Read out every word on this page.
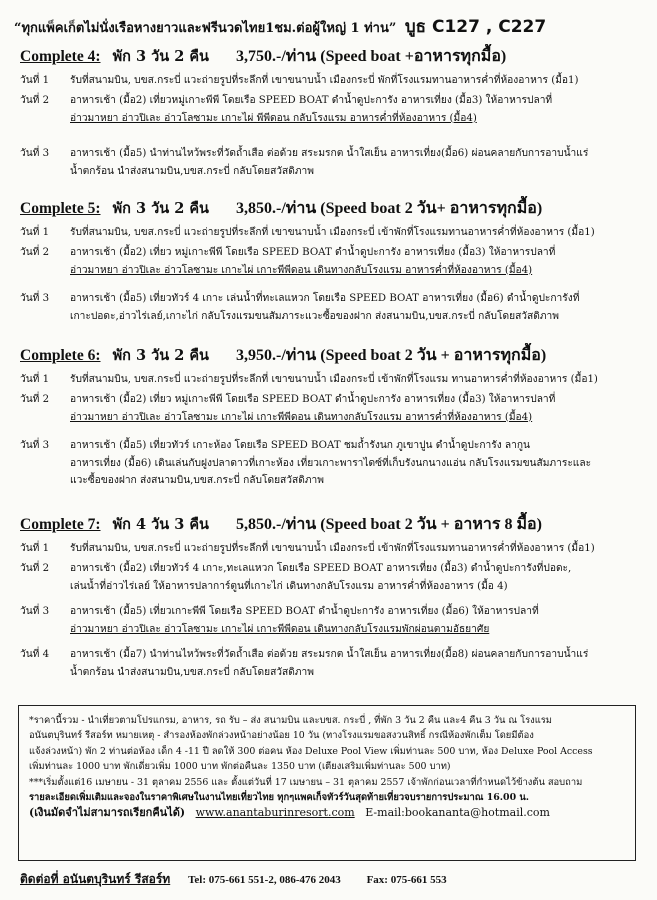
“ทุกแพ็คเก็ตไม่นั่งเรือหางยาวและฟรีนวดไทย1ชม.ต่อผู้ใหญ่ 1 ท่าน” บูธ C127 , C227
Complete 4: พัก 3 วัน 2 คืน 3,750.-/ท่าน (Speed boat +อาหารทุกมื้อ)
วันที่ 1	รับที่สนามบิน, บขส.กระบี่ แวะถ่ายรูปที่ระลึกที่ เขาขนาบน้ำ เมืองกระบี่ พักที่โรงแรมทานอาหารค่ำที่ห้องอาหาร (มื้อ1)
วันที่ 2	อาหารเช้า (มื้อ2) เที่ยวหมู่เกาะพีพี โดยเรือ SPEED BOAT ดำน้ำดูปะการัง อาหารเที่ยง (มื้อ3) ให้อาหารปลาที่
อ่าวมาหยา อ่าวปิเละ อ่าวโลซามะ เกาะไผ่ พีพีดอน กลับโรงแรม อาหารค่ำที่ห้องอาหาร (มื้อ4)
วันที่ 3	อาหารเช้า (มื้อ5) นำท่านไหว้พระที่วัดถ้ำเสือ ต่อด้วย สระมรกต น้ำใสเย็น อาหารเที่ยง(มื้อ6) ผ่อนคลายกับการอาบน้ำแร่
น้ำตกร้อน นำส่งสนามบิน,บขส.กระบี่ กลับโดยสวัสดิภาพ
Complete 5: พัก 3 วัน 2 คืน 3,850.-/ท่าน (Speed boat 2 วัน+ อาหารทุกมื้อ)
วันที่ 1	รับที่สนามบิน, บขส.กระบี่ แวะถ่ายรูปที่ระลึกที่ เขาขนาบน้ำ เมืองกระบี่ เข้าพักที่โรงแรมทานอาหารค่ำที่ห้องอาหาร (มื้อ1)
วันที่ 2	อาหารเช้า (มื้อ2) เที่ยว หมู่เกาะพีพี โดยเรือ SPEED BOAT ดำน้ำดูปะการัง อาหารเที่ยง (มื้อ3) ให้อาหารปลาที่
อ่าวมาหยา อ่าวปิเละ อ่าวโลซามะ เกาะไผ่ เกาะพีพีดอน เดินทางกลับโรงแรม อาหารค่ำที่ห้องอาหาร (มื้อ4)
วันที่ 3	อาหารเช้า (มื้อ5) เที่ยวทัวร์ 4 เกาะ เล่นน้ำที่ทะเลแหวก โดยเรือ SPEED BOAT อาหารเที่ยง (มื้อ6) ดำน้ำดูปะการังที่
เกาะปอดะ,อ่าวไร่เลย์,เกาะไก่ กลับโรงแรมขนสัมภาระแวะซื้อของฝาก ส่งสนามบิน,บขส.กระบี่ กลับโดยสวัสดิภาพ
Complete 6: พัก 3 วัน 2 คืน 3,950.-/ท่าน (Speed boat 2 วัน + อาหารทุกมื้อ)
วันที่ 1	รับที่สนามบิน, บขส.กระบี่ แวะถ่ายรูปที่ระลึกที่ เขาขนาบน้ำ เมืองกระบี่ เข้าพักที่โรงแรม ทานอาหารค่ำที่ห้องอาหาร (มื้อ1)
วันที่ 2	อาหารเช้า (มื้อ2) เที่ยว หมู่เกาะพีพี โดยเรือ SPEED BOAT ดำน้ำดูปะการัง อาหารเที่ยง (มื้อ3) ให้อาหารปลาที่
อ่าวมาหยา อ่าวปิเละ อ่าวโลซามะ เกาะไผ่ เกาะพีพีดอน เดินทางกลับโรงแรม อาหารค่ำที่ห้องอาหาร (มื้อ4)
วันที่ 3	อาหารเช้า (มื้อ5) เที่ยวทัวร์ เกาะห้อง โดยเรือ SPEED BOAT ชมถ้ำรังนก ภูเขาปูน ดำน้ำดูปะการัง ลากูน
อาหารเที่ยง (มื้อ6) เดินเล่นกับฝูงปลาดาวที่เกาะห้อง เที่ยวเกาะพาราไดซ์ที่เก็บรังนกนางแอ่น กลับโรงแรมขนสัมภาระและ
แวะซื้อของฝาก ส่งสนามบิน,บขส.กระบี่ กลับโดยสวัสดิภาพ
Complete 7: พัก 4 วัน 3 คืน 5,850.-/ท่าน (Speed boat 2 วัน + อาหาร 8 มื้อ)
วันที่ 1	รับที่สนามบิน, บขส.กระบี่ แวะถ่ายรูปที่ระลึกที่ เขาขนาบน้ำ เมืองกระบี่ เข้าพักที่โรงแรมทานอาหารค่ำที่ห้องอาหาร (มื้อ1)
วันที่ 2	อาหารเช้า (มื้อ2) เที่ยวทัวร์ 4 เกาะ,ทะเลแหวก โดยเรือ SPEED BOAT อาหารเที่ยง (มื้อ3) ดำน้ำดูปะการังที่ปอดะ,
เล่นน้ำที่อ่าวไร่เลย์ ให้อาหารปลาการ์ตูนที่เกาะไก่ เดินทางกลับโรงแรม อาหารค่ำที่ห้องอาหาร (มื้อ 4)
วันที่ 3	อาหารเช้า (มื้อ5) เที่ยวเกาะพีพี โดยเรือ SPEED BOAT ดำน้ำดูปะการัง อาหารเที่ยง (มื้อ6) ให้อาหารปลาที่
อ่าวมาหยา อ่าวปิเละ อ่าวโลซามะ เกาะไผ่ เกาะพีพีดอน เดินทางกลับโรงแรมพักผ่อนตามอัธยาศัย
วันที่ 4	อาหารเช้า (มื้อ7) นำท่านไหว้พระที่วัดถ้ำเสือ ต่อด้วย สระมรกต น้ำใสเย็น อาหารเที่ยง(มื้อ8) ผ่อนคลายกับการอาบน้ำแร่
น้ำตกร้อน นำส่งสนามบิน,บขส.กระบี่ กลับโดยสวัสดิภาพ
*ราคานี้รวม - นำเที่ยวตามโปรแกรม, อาหาร, รถ รับ – ส่ง สนามบิน และบขส. กระบี่ , ที่พัก 3 วัน 2 คืน และ4 คืน 3 วัน ณ โรงแรม
อนันตบุรินทร์ รีสอร์ท หมายเหตุ - สำรองห้องพักล่วงหน้าอย่างน้อย 10 วัน (ทางโรงแรมขอสงวนสิทธิ์ กรณีห้องพักเต็ม โดยมีต้อง
แจ้งล่วงหน้า) พัก 2 ท่านต่อห้อง เด็ก 4 -11 ปี ลดให้ 300 ต่อคน ห้อง Deluxe Pool View เพิ่มท่านละ 500 บาท, ห้อง Deluxe Pool Access
เพิ่มท่านละ 1000 บาท พักเดี่ยวเพิ่ม 1000 บาท พักต่อคืนละ 1350 บาท (เตียงเสริมเพิ่มท่านละ 500 บาท)
***เริ่มตั้งแต่16 เมษายน - 31 ตุลาคม 2556 และ ตั้งแต่วันที่ 17 เมษายน – 31 ตุลาคม 2557 เจ้าพักก่อนเวลาที่กำหนดไว้ข้างต้น สอบถาม
รายละเอียดเพิ่มเติมและจองในราคาพิเศษในงานไทยเที่ยวไทย ทุกๆแพคเก็จทัวร์วันสุดท้ายเที่ยวจบรายการประมาณ 16.00 น.
(เงินมัดจำไม่สามารถเรียกคืนได้) www.anantaburinresort.com E-mail:bookananta@hotmail.com
ติดต่อที่ อนันตบุรินทร์ รีสอร์ท Tel: 075-661 551-2, 086-476 2043 Fax: 075-661 553
